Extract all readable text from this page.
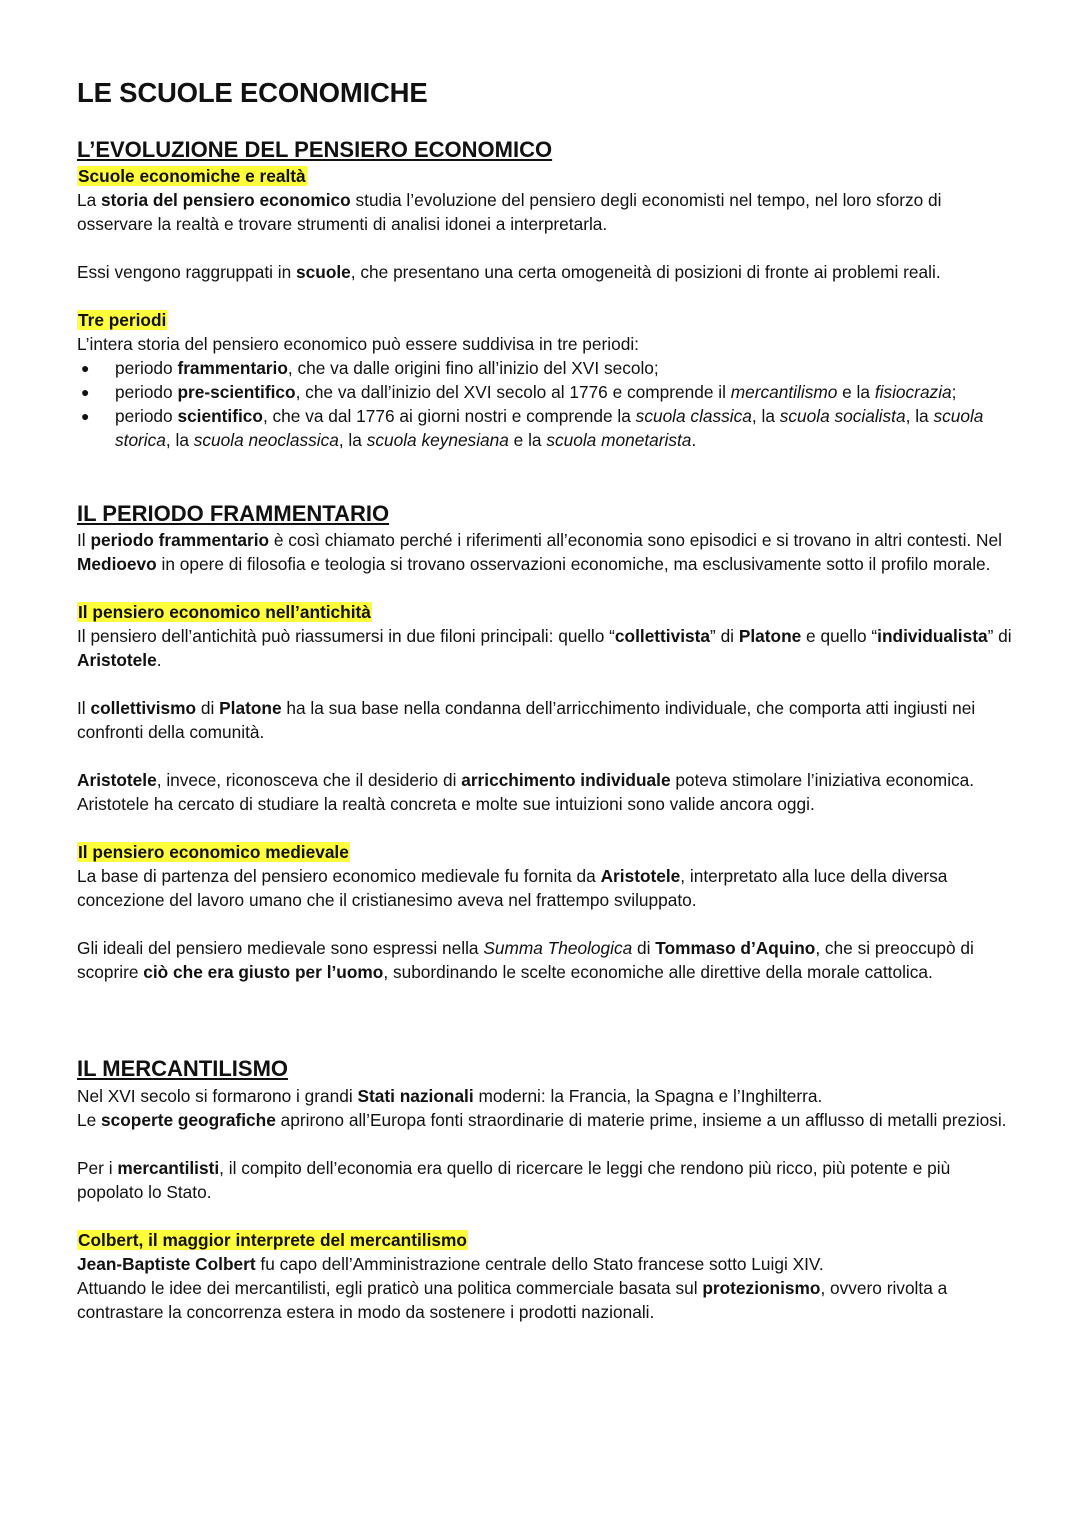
LE SCUOLE ECONOMICHE
L’EVOLUZIONE DEL PENSIERO ECONOMICO

Scuole economiche e realtà

La storia del pensiero economico studia l’evoluzione del pensiero degli economisti nel tempo, nel loro sforzo di osservare la realtà e trovare strumenti di analisi idonei a interpretarla.

Essi vengono raggruppati in scuole, che presentano una certa omogeneità di posizioni di fronte ai problemi reali.

Tre periodi

L’intera storia del pensiero economico può essere suddivisa in tre periodi:

● periodo frammentario, che va dalle origini fino all’inizio del XVI secolo;
● periodo pre-scientifico, che va dall’inizio del XVI secolo al 1776 e comprende il mercantilismo e la fisiocrazia;
● periodo scientifico, che va dal 1776 ai giorni nostri e comprende la scuola classica, la scuola socialista, la scuola storica, la scuola neoclassica, la scuola keynesiana e la scuola monetarista.
IL PERIODO FRAMMENTARIO

Il periodo frammentario è così chiamato perché i riferimenti all’economia sono episodici e si trovano in altri contesti. Nel Medioevo in opere di filosofia e teologia si trovano osservazioni economiche, ma esclusivamente sotto il profilo morale.

Il pensiero economico nell’antichità

Il pensiero dell’antichità può riassumersi in due filoni principali: quello “collettivista” di Platone e quello “individualista” di Aristotele.

Il collettivismo di Platone ha la sua base nella condanna dell’arricchimento individuale, che comporta atti ingiusti nei confronti della comunità.

Aristotele, invece, riconosceva che il desiderio di arricchimento individuale poteva stimolare l’iniziativa economica. Aristotele ha cercato di studiare la realtà concreta e molte sue intuizioni sono valide ancora oggi.

Il pensiero economico medievale

La base di partenza del pensiero economico medievale fu fornita da Aristotele, interpretato alla luce della diversa concezione del lavoro umano che il cristianesimo aveva nel frattempo sviluppato.

Gli ideali del pensiero medievale sono espressi nella Summa Theologica di Tommaso d’Aquino, che si preoccupò di scoprire ciò che era giusto per l’uomo, subordinando le scelte economiche alle direttive della morale cattolica.

IL MERCANTILISMO

Nel XVI secolo si formarono i grandi Stati nazionali moderni: la Francia, la Spagna e l’Inghilterra.

Le scoperte geografiche aprirono all’Europa fonti straordinarie di materie prime, insieme a un afflusso di metalli preziosi.

Per i mercantilisti, il compito dell’economia era quello di ricercare le leggi che rendono più ricco, più potente e più popolato lo Stato.

Colbert, il maggior interprete del mercantilismo

Jean-Baptiste Colbert fu capo dell’Amministrazione centrale dello Stato francese sotto Luigi XIV.

Attuando le idee dei mercantilisti, egli praticò una politica commerciale basata sul protezionismo, ovvero rivolta a contrastare la concorrenza estera in modo da sostenere i prodotti nazionali.
